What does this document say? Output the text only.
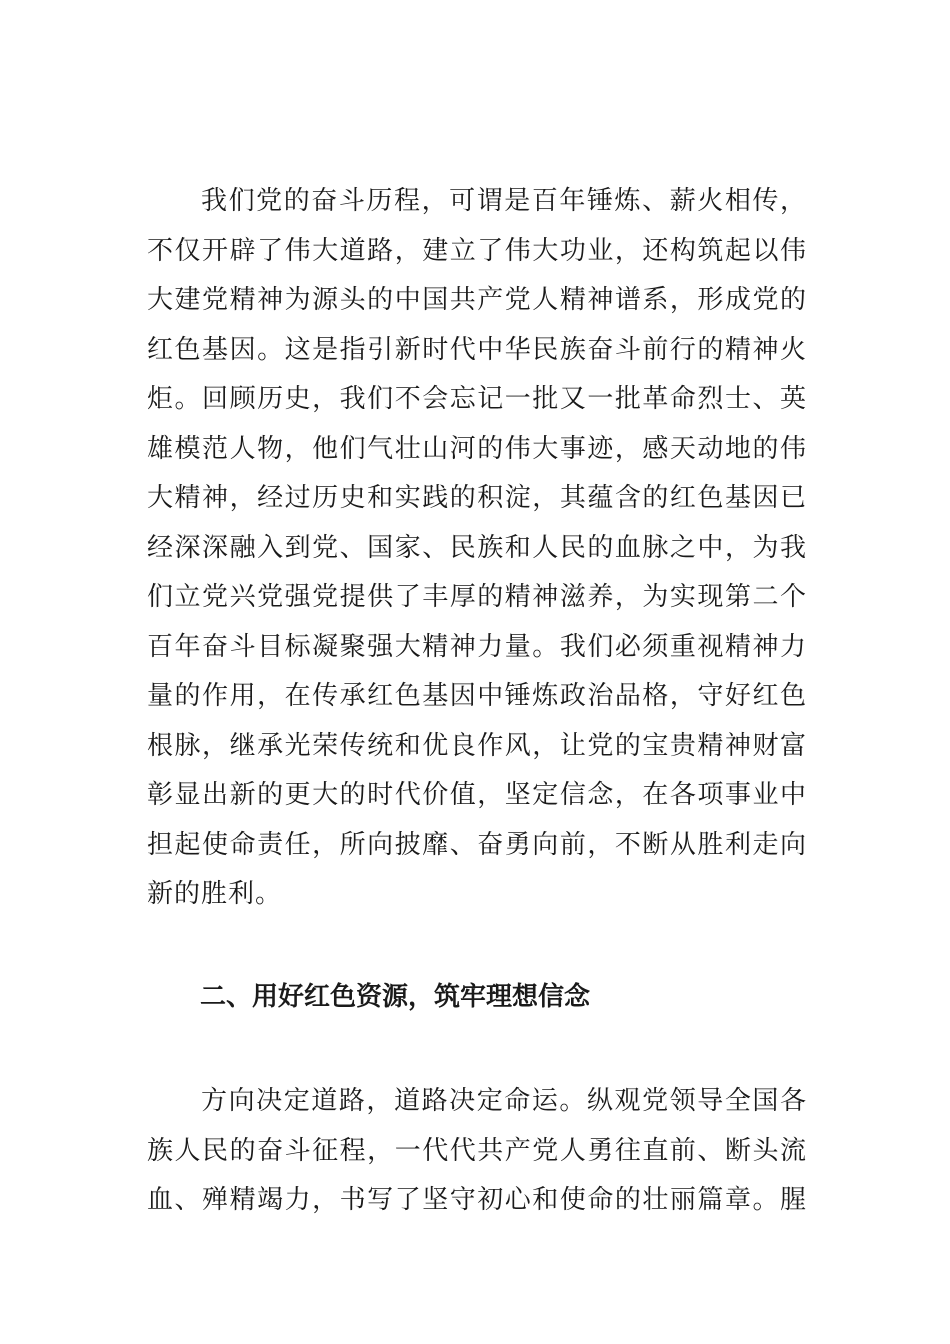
我们党的奋斗历程，可谓是百年锤炼、薪火相传，
不仅开辟了伟大道路，建立了伟大功业，还构筑起以伟
大建党精神为源头的中国共产党人精神谱系，形成党的
红色基因。这是指引新时代中华民族奋斗前行的精神火
炬。回顾历史，我们不会忘记一批又一批革命烈士、英
雄模范人物，他们气壮山河的伟大事迹，感天动地的伟
大精神，经过历史和实践的积淀，其蕴含的红色基因已
经深深融入到党、国家、民族和人民的血脉之中，为我
们立党兴党强党提供了丰厚的精神滋养，为实现第二个
百年奋斗目标凝聚强大精神力量。我们必须重视精神力
量的作用，在传承红色基因中锤炼政治品格，守好红色
根脉，继承光荣传统和优良作风，让党的宝贵精神财富
彰显出新的更大的时代价值，坚定信念，在各项事业中
担起使命责任，所向披靡、奋勇向前，不断从胜利走向
新的胜利。
二、用好红色资源，筑牢理想信念
方向决定道路，道路决定命运。纵观党领导全国各
族人民的奋斗征程，一代代共产党人勇往直前、断头流
血、殚精竭力，书写了坚守初心和使命的壮丽篇章。腥
